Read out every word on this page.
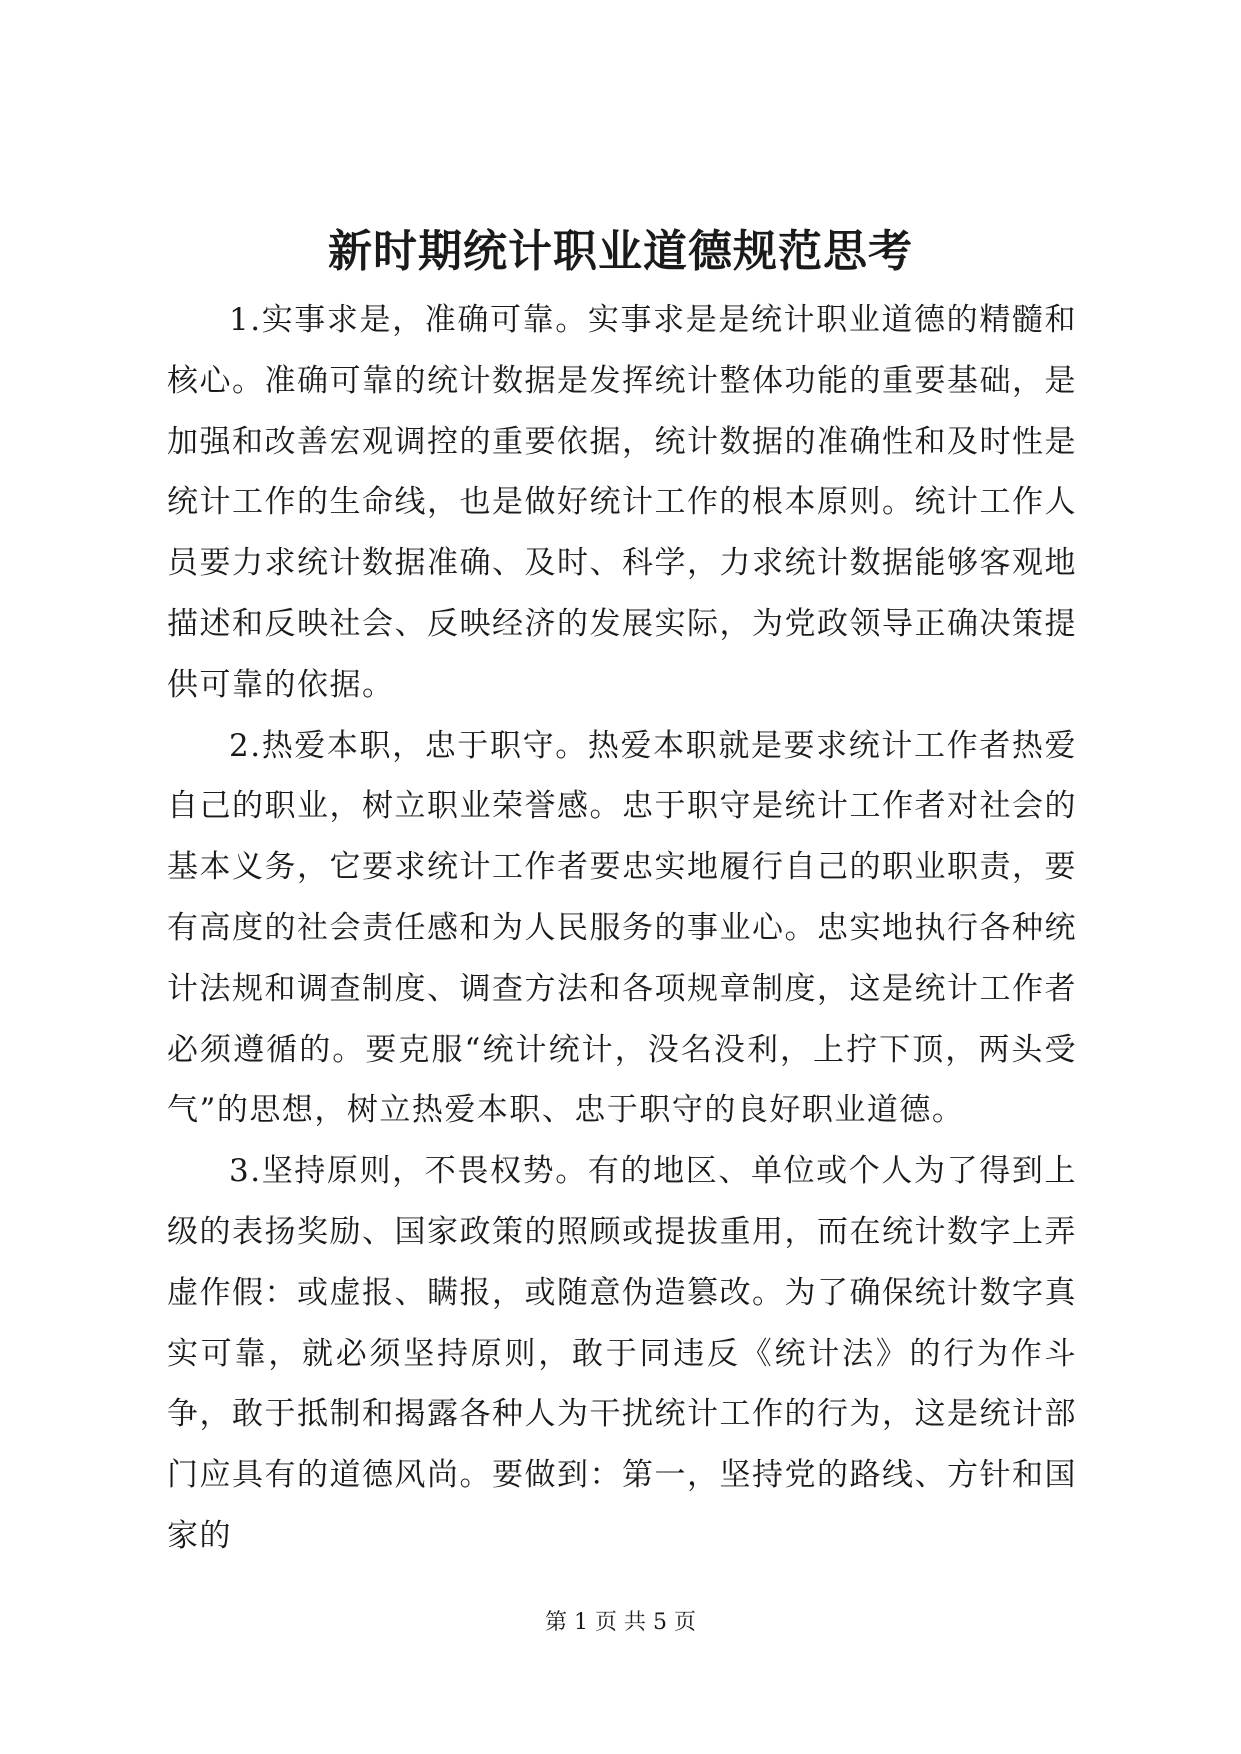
新时期统计职业道德规范思考

1.实事求是，准确可靠。实事求是是统计职业道德的精髓和核心。准确可靠的统计数据是发挥统计整体功能的重要基础，是加强和改善宏观调控的重要依据，统计数据的准确性和及时性是统计工作的生命线，也是做好统计工作的根本原则。统计工作人员要力求统计数据准确、及时、科学，力求统计数据能够客观地描述和反映社会、反映经济的发展实际，为党政领导正确决策提供可靠的依据。

2.热爱本职，忠于职守。热爱本职就是要求统计工作者热爱自己的职业，树立职业荣誉感。忠于职守是统计工作者对社会的基本义务，它要求统计工作者要忠实地履行自己的职业职责，要有高度的社会责任感和为人民服务的事业心。忠实地执行各种统计法规和调查制度、调查方法和各项规章制度，这是统计工作者必须遵循的。要克服“统计统计，没名没利，上拧下顶，两头受气”的思想，树立热爱本职、忠于职守的良好职业道德。

3.坚持原则，不畏权势。有的地区、单位或个人为了得到上级的表扬奖励、国家政策的照顾或提拔重用，而在统计数字上弄虚作假：或虚报、瞒报，或随意伪造篡改。为了确保统计数字真实可靠，就必须坚持原则，敢于同违反《统计法》的行为作斗争，敢于抵制和揭露各种人为干扰统计工作的行为，这是统计部门应具有的道德风尚。要做到：第一，坚持党的路线、方针和国家的

第 1 页 共 5 页
